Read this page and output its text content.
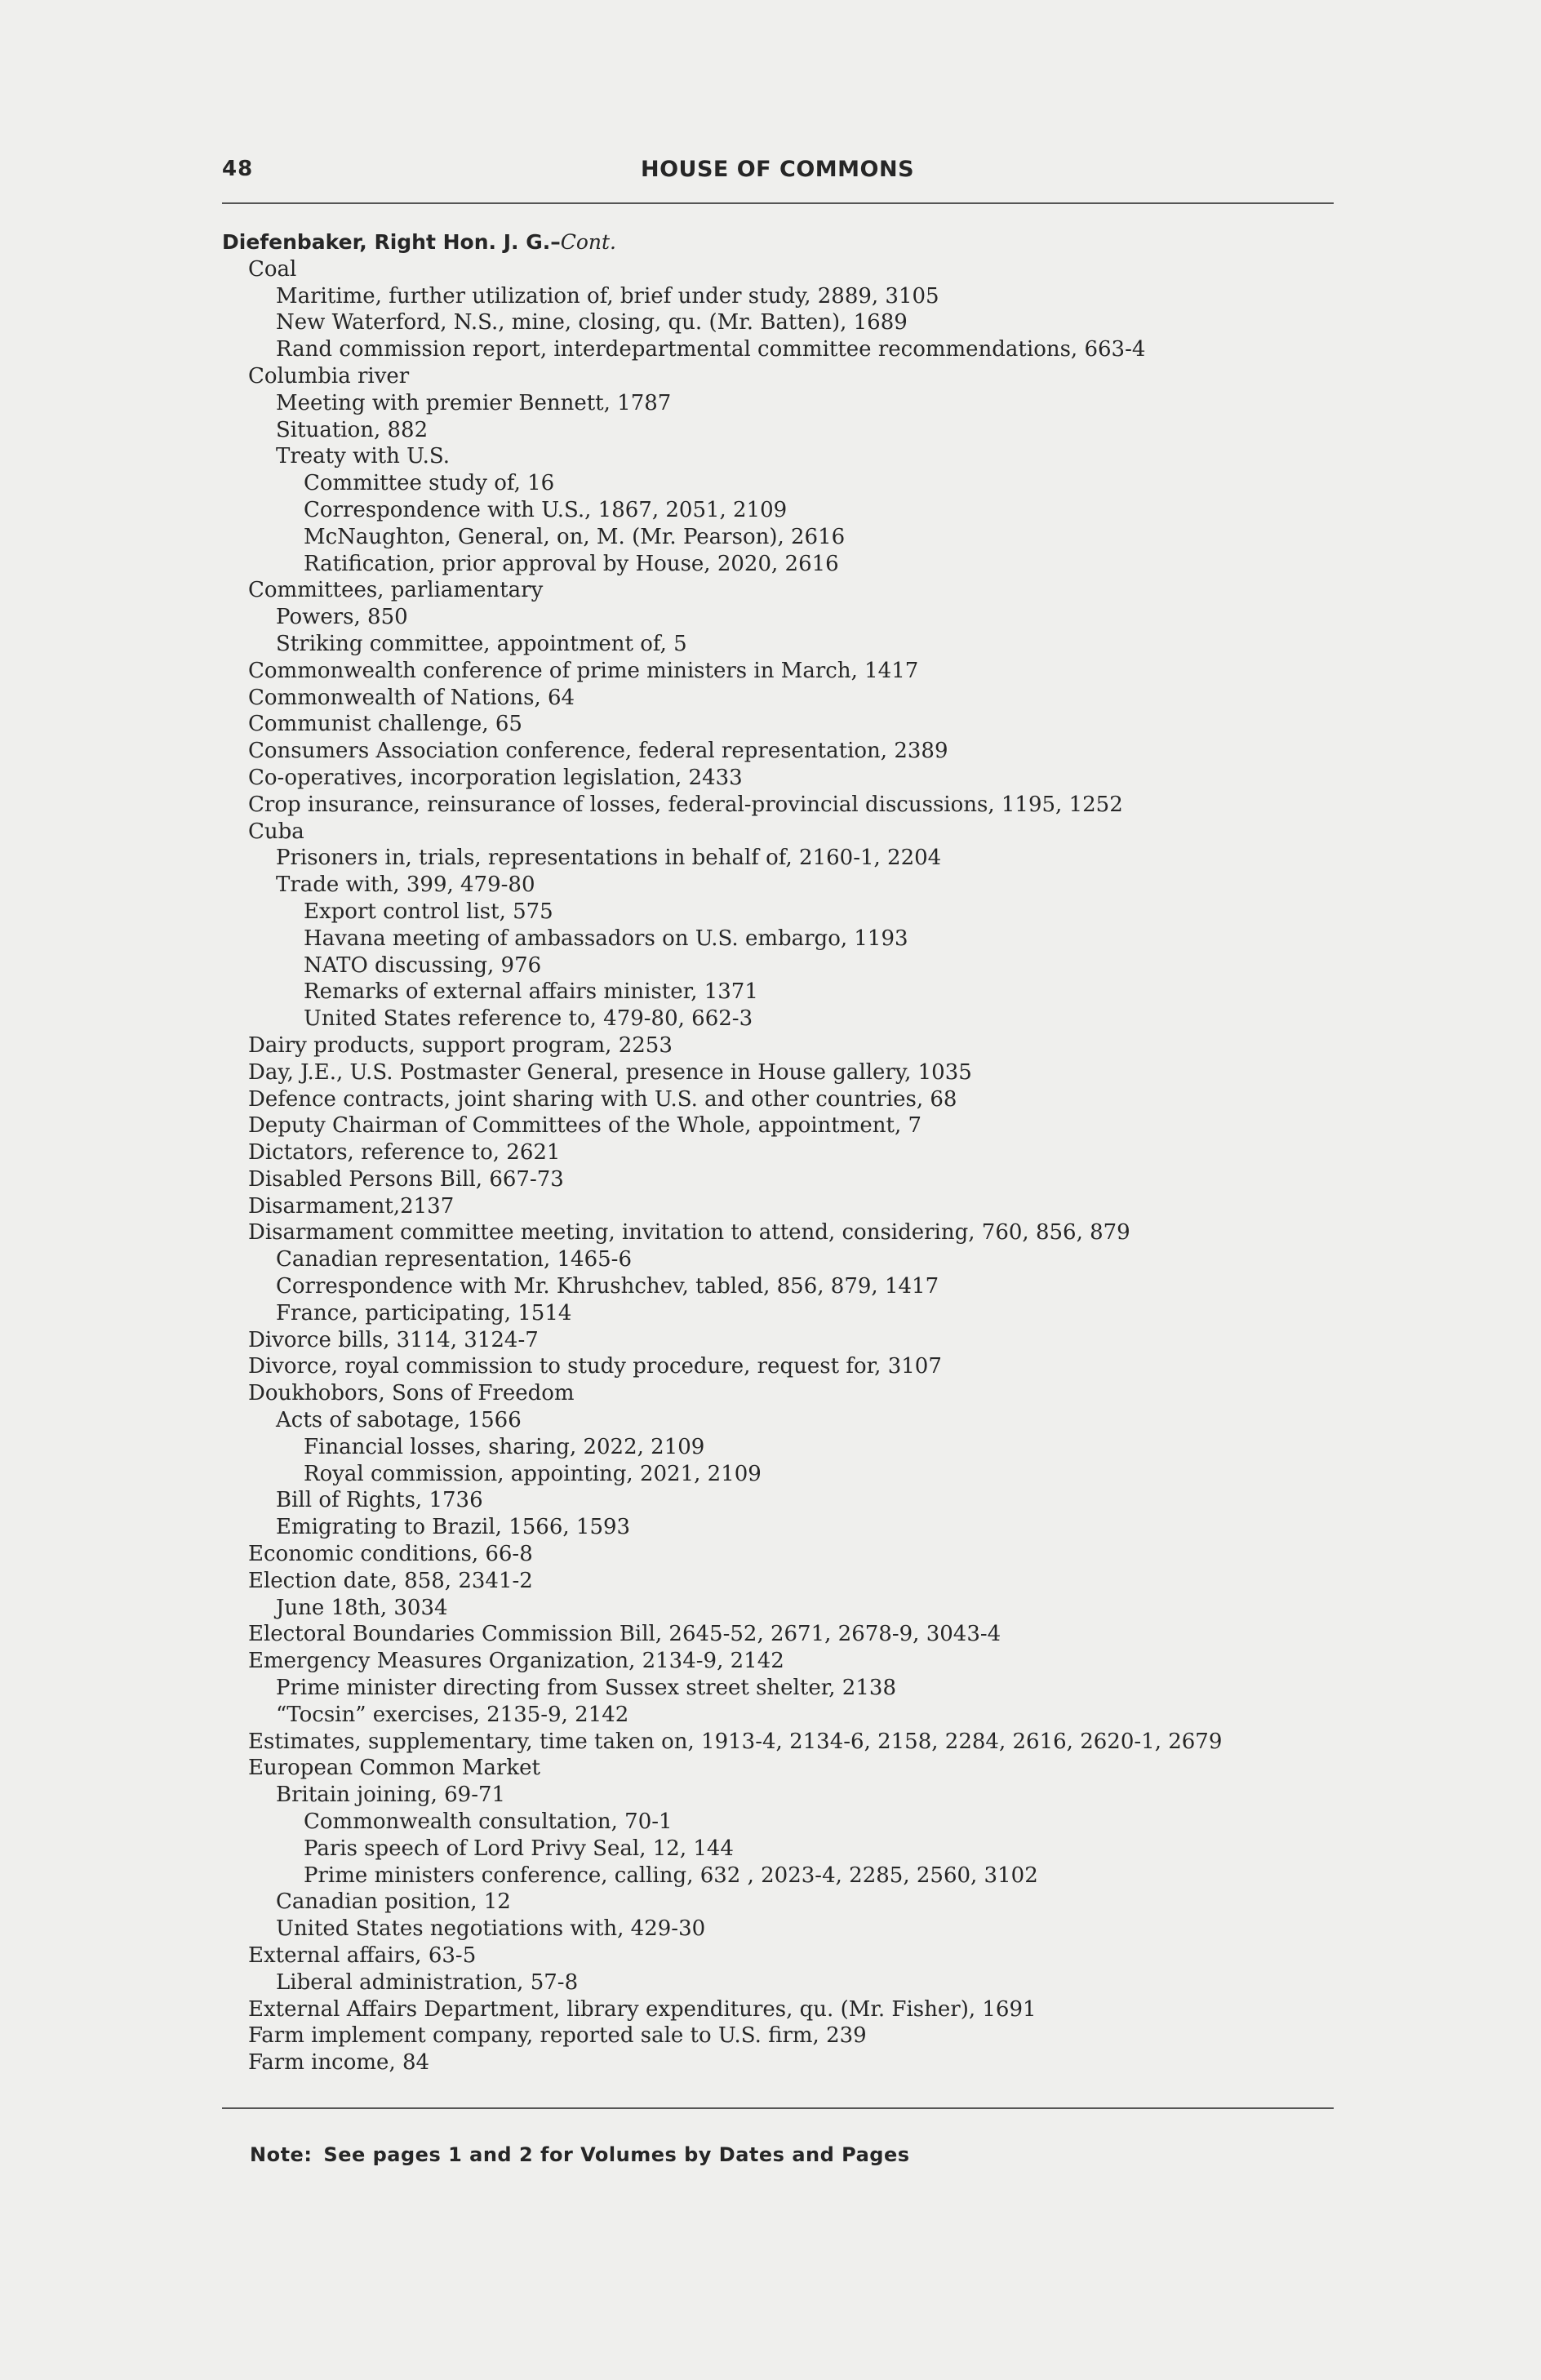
48	HOUSE OF COMMONS
Diefenbaker, Right Hon. J. G.–Cont.
Coal
Maritime, further utilization of, brief under study, 2889, 3105
New Waterford, N.S., mine, closing, qu. (Mr. Batten), 1689
Rand commission report, interdepartmental committee recommendations, 663-4
Columbia river
Meeting with premier Bennett, 1787
Situation, 882
Treaty with U.S.
Committee study of, 16
Correspondence with U.S., 1867, 2051, 2109
McNaughton, General, on, M. (Mr. Pearson), 2616
Ratification, prior approval by House, 2020, 2616
Committees, parliamentary
Powers, 850
Striking committee, appointment of, 5
Commonwealth conference of prime ministers in March, 1417
Commonwealth of Nations, 64
Communist challenge, 65
Consumers Association conference, federal representation, 2389
Co-operatives, incorporation legislation, 2433
Crop insurance, reinsurance of losses, federal-provincial discussions, 1195, 1252
Cuba
Prisoners in, trials, representations in behalf of, 2160-1, 2204
Trade with, 399, 479-80
Export control list, 575
Havana meeting of ambassadors on U.S. embargo, 1193
NATO discussing, 976
Remarks of external affairs minister, 1371
United States reference to, 479-80, 662-3
Dairy products, support program, 2253
Day, J.E., U.S. Postmaster General, presence in House gallery, 1035
Defence contracts, joint sharing with U.S. and other countries, 68
Deputy Chairman of Committees of the Whole, appointment, 7
Dictators, reference to, 2621
Disabled Persons Bill, 667-73
Disarmament,2137
Disarmament committee meeting, invitation to attend, considering, 760, 856, 879
Canadian representation, 1465-6
Correspondence with Mr. Khrushchev, tabled, 856, 879, 1417
France, participating, 1514
Divorce bills, 3114, 3124-7
Divorce, royal commission to study procedure, request for, 3107
Doukhobors, Sons of Freedom
Acts of sabotage, 1566
Financial losses, sharing, 2022, 2109
Royal commission, appointing, 2021, 2109
Bill of Rights, 1736
Emigrating to Brazil, 1566, 1593
Economic conditions, 66-8
Election date, 858, 2341-2
June 18th, 3034
Electoral Boundaries Commission Bill, 2645-52, 2671, 2678-9, 3043-4
Emergency Measures Organization, 2134-9, 2142
Prime minister directing from Sussex street shelter, 2138
“Tocsin” exercises, 2135-9, 2142
Estimates, supplementary, time taken on, 1913-4, 2134-6, 2158, 2284, 2616, 2620-1, 2679
European Common Market
Britain joining, 69-71
Commonwealth consultation, 70-1
Paris speech of Lord Privy Seal, 12, 144
Prime ministers conference, calling, 632 , 2023-4, 2285, 2560, 3102
Canadian position, 12
United States negotiations with, 429-30
External affairs, 63-5
Liberal administration, 57-8
External Affairs Department, library expenditures, qu. (Mr. Fisher), 1691
Farm implement company, reported sale to U.S. firm, 239
Farm income, 84
Note: See pages 1 and 2 for Volumes by Dates and Pages
